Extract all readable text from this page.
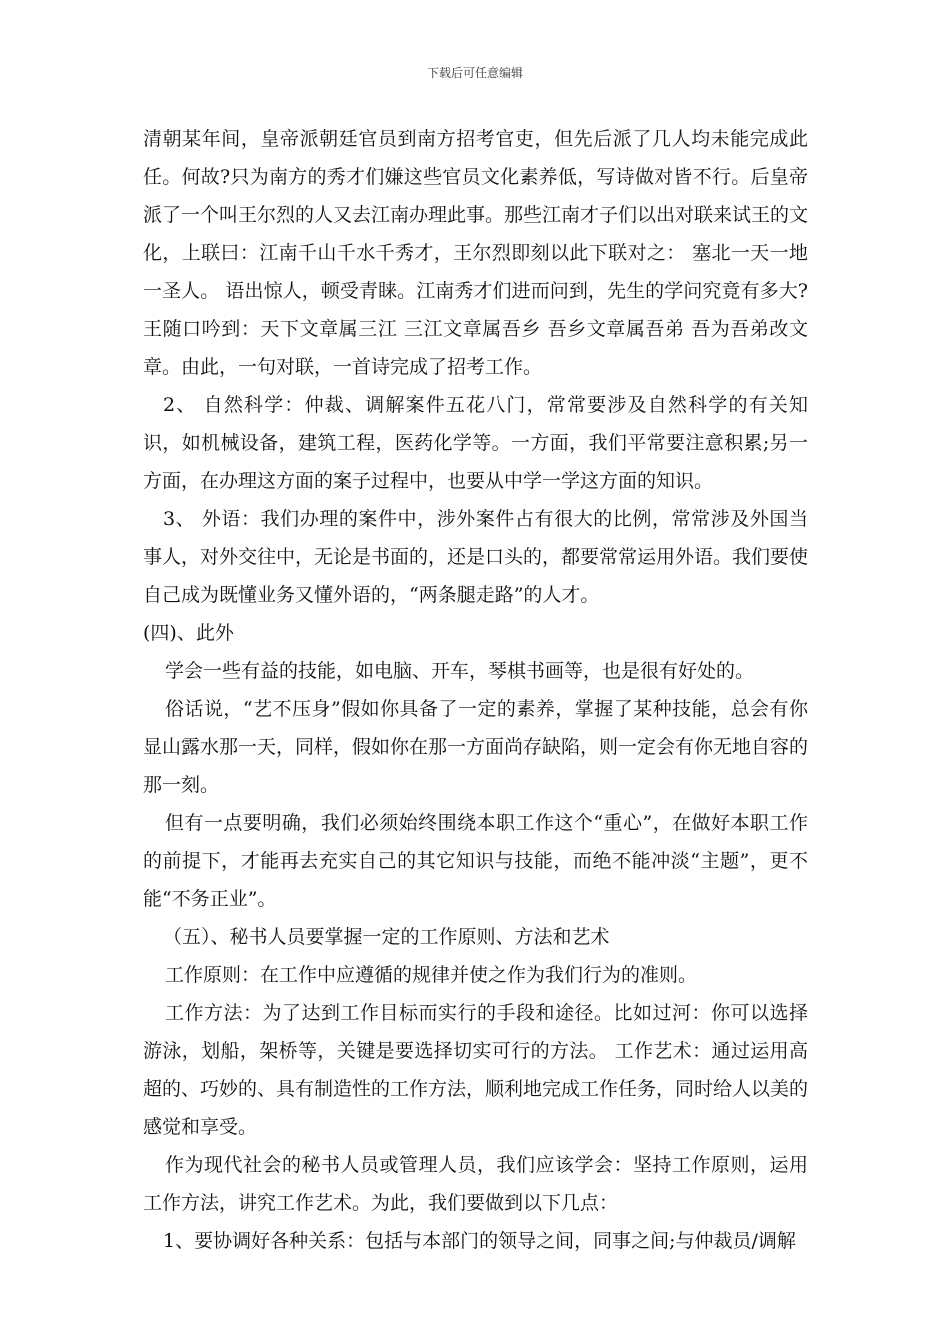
下载后可任意编辑

清朝某年间，皇帝派朝廷官员到南方招考官吏，但先后派了几人均未能完成此任。何故?只为南方的秀才们嫌这些官员文化素养低，写诗做对皆不行。后皇帝派了一个叫王尔烈的人又去江南办理此事。那些江南才子们以出对联来试王的文化，上联曰：江南千山千水千秀才，王尔烈即刻以此下联对之： 塞北一天一地一圣人。 语出惊人，顿受青睐。江南秀才们进而问到，先生的学问究竟有多大?王随口吟到：天下文章属三江 三江文章属吾乡 吾乡文章属吾弟 吾为吾弟改文章。由此，一句对联，一首诗完成了招考工作。

2、 自然科学：仲裁、调解案件五花八门，常常要涉及自然科学的有关知识，如机械设备，建筑工程，医药化学等。一方面，我们平常要注意积累;另一方面，在办理这方面的案子过程中，也要从中学一学这方面的知识。

3、 外语：我们办理的案件中，涉外案件占有很大的比例，常常涉及外国当事人，对外交往中，无论是书面的，还是口头的，都要常常运用外语。我们要使自己成为既懂业务又懂外语的，“两条腿走路”的人才。

(四)、此外

学会一些有益的技能，如电脑、开车，琴棋书画等，也是很有好处的。

俗话说，“艺不压身”假如你具备了一定的素养，掌握了某种技能，总会有你显山露水那一天，同样，假如你在那一方面尚存缺陷，则一定会有你无地自容的那一刻。

但有一点要明确，我们必须始终围绕本职工作这个“重心”，在做好本职工作的前提下，才能再去充实自己的其它知识与技能，而绝不能冲淡“主题”，更不能“不务正业”。

（五）、秘书人员要掌握一定的工作原则、方法和艺术

工作原则：在工作中应遵循的规律并使之作为我们行为的准则。

工作方法：为了达到工作目标而实行的手段和途径。比如过河：你可以选择游泳，划船，架桥等，关键是要选择切实可行的方法。 工作艺术：通过运用高超的、巧妙的、具有制造性的工作方法，顺利地完成工作任务，同时给人以美的感觉和享受。

作为现代社会的秘书人员或管理人员，我们应该学会：坚持工作原则，运用工作方法，讲究工作艺术。为此，我们要做到以下几点：

1、要协调好各种关系：包括与本部门的领导之间，同事之间;与仲裁员/调解
